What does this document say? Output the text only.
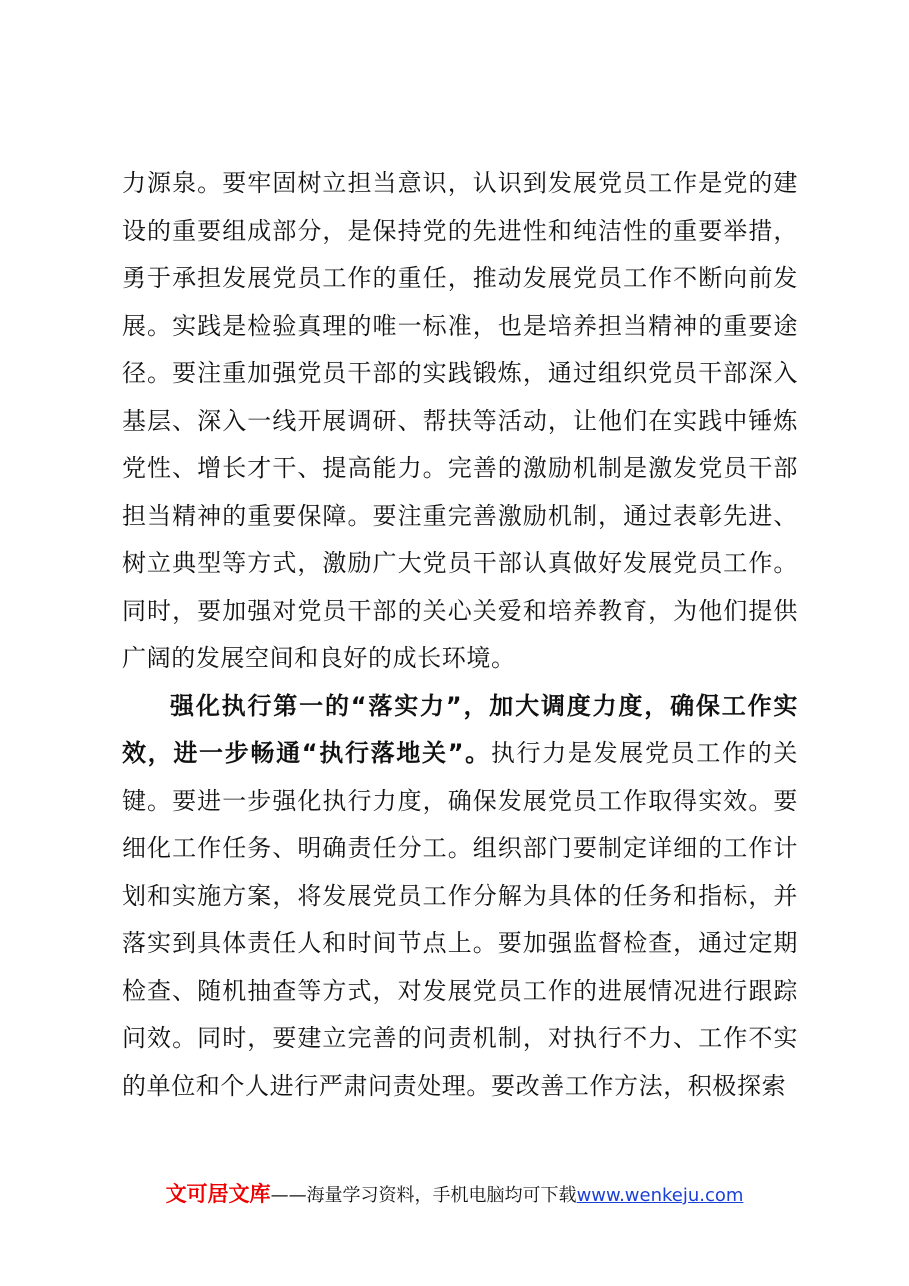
力源泉。要牢固树立担当意识，认识到发展党员工作是党的建设的重要组成部分，是保持党的先进性和纯洁性的重要举措，勇于承担发展党员工作的重任，推动发展党员工作不断向前发展。实践是检验真理的唯一标准，也是培养担当精神的重要途径。要注重加强党员干部的实践锻炼，通过组织党员干部深入基层、深入一线开展调研、帮扶等活动，让他们在实践中锤炼党性、增长才干、提高能力。完善的激励机制是激发党员干部担当精神的重要保障。要注重完善激励机制，通过表彰先进、树立典型等方式，激励广大党员干部认真做好发展党员工作。同时，要加强对党员干部的关心关爱和培养教育，为他们提供广阔的发展空间和良好的成长环境。

强化执行第一的“落实力”，加大调度力度，确保工作实效，进一步畅通“执行落地关”。执行力是发展党员工作的关键。要进一步强化执行力度，确保发展党员工作取得实效。要细化工作任务、明确责任分工。组织部门要制定详细的工作计划和实施方案，将发展党员工作分解为具体的任务和指标，并落实到具体责任人和时间节点上。要加强监督检查，通过定期检查、随机抽查等方式，对发展党员工作的进展情况进行跟踪问效。同时，要建立完善的问责机制，对执行不力、工作不实的单位和个人进行严肃问责处理。要改善工作方法，积极探索

文可居文库——海量学习资料，手机电脑均可下载www.wenkeju.com
